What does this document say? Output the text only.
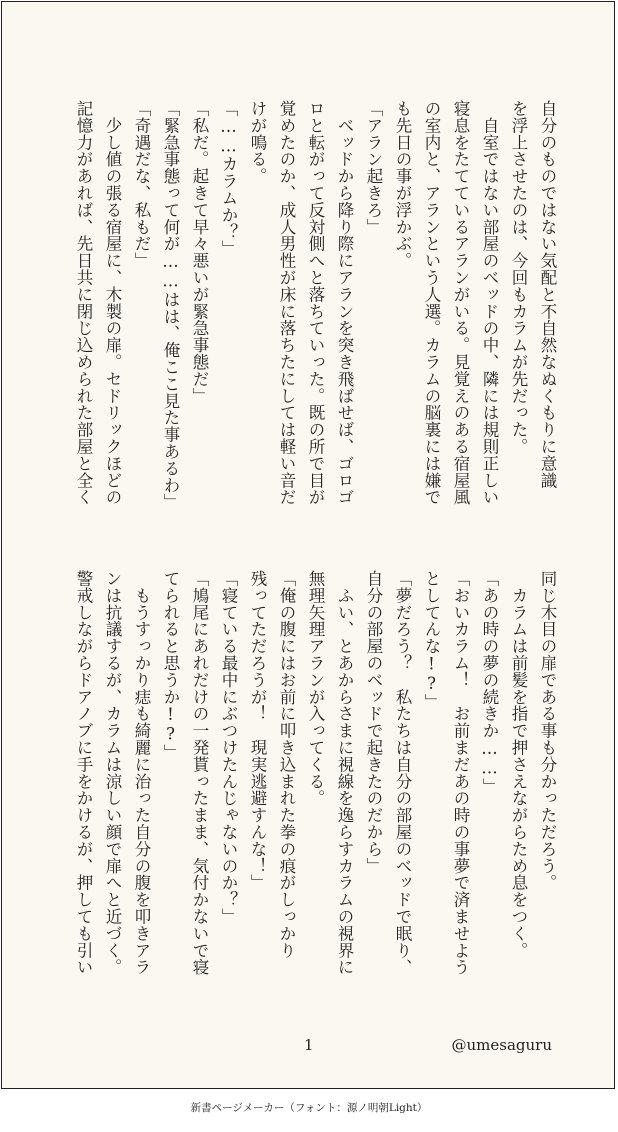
自分のものではない気配と不自然なぬくもりに意識
を浮上させたのは、今回もカラムが先だった。
　自室ではない部屋のベッドの中、隣には規則正しい
寝息をたてているアランがいる。見覚えのある宿屋風
の室内と、アランという人選。カラムの脳裏には嫌で
も先日の事が浮かぶ。
「アラン起きろ」
　ベッドから降り際にアランを突き飛ばせば、ゴロゴ
ロと転がって反対側へと落ちていった。既の所で目が
覚めたのか、成人男性が床に落ちたにしては軽い音だ
けが鳴る。
「……カラムか？」
「私だ。起きて早々悪いが緊急事態だ」
「緊急事態って何が……はは、俺ここ見た事あるわ」
「奇遇だな、私もだ」
　少し値の張る宿屋に、木製の扉。セドリックほどの
記憶力があれば、先日共に閉じ込められた部屋と全く
同じ木目の扉である事も分かっただろう。
　カラムは前髪を指で押さえながらため息をつく。
「あの時の夢の続きか……」
「おいカラム！　お前まだあの時の事夢で済ませよう
としてんな!?」
「夢だろう？　私たちは自分の部屋のベッドで眠り、
自分の部屋のベッドで起きたのだから」
　ふい、とあからさまに視線を逸らすカラムの視界に
無理矢理アランが入ってくる。
「俺の腹にはお前に叩き込まれた拳の痕がしっかり
残ってただろうが！　現実逃避すんな！」
「寝ている最中にぶつけたんじゃないのか？」
「鳩尾にあれだけの一発貰ったまま、気付かないで寝
てられると思うか!?」
　もうすっかり痣も綺麗に治った自分の腹を叩きアラ
ンは抗議するが、カラムは涼しい顔で扉へと近づく。
警戒しながらドアノブに手をかけるが、押しても引い
1	@umesaguru
新書ページメーカー（フォント：源ノ明朝Light）
